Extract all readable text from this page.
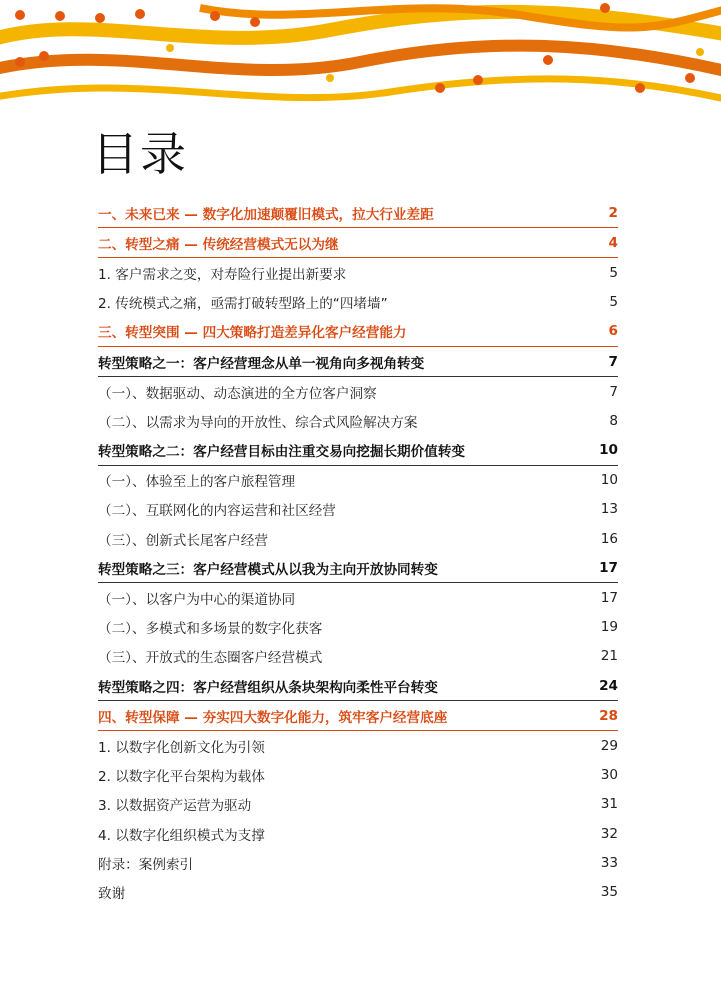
目录
一、未来已来 — 数字化加速颠覆旧模式，拉大行业差距	2
二、转型之痛 — 传统经营模式无以为继	4
1. 客户需求之变，对寿险行业提出新要求	5
2. 传统模式之痛，亟需打破转型路上的“四堵墙”	5
三、转型突围 — 四大策略打造差异化客户经营能力	6
转型策略之一：客户经营理念从单一视角向多视角转变	7
（一）、数据驱动、动态演进的全方位客户洞察	7
（二）、以需求为导向的开放性、综合式风险解决方案	8
转型策略之二：客户经营目标由注重交易向挖掘长期价值转变	10
（一）、体验至上的客户旅程管理	10
（二）、互联网化的内容运营和社区经营	13
（三）、创新式长尾客户经营	16
转型策略之三：客户经营模式从以我为主向开放协同转变	17
（一）、以客户为中心的渠道协同	17
（二）、多模式和多场景的数字化获客	19
（三）、开放式的生态圈客户经营模式	21
转型策略之四：客户经营组织从条块架构向柔性平台转变	24
四、转型保障 — 夯实四大数字化能力，筑牢客户经营底座	28
1. 以数字化创新文化为引领	29
2. 以数字化平台架构为载体	30
3. 以数据资产运营为驱动	31
4. 以数字化组织模式为支撑	32
附录：案例索引	33
致谢	35
